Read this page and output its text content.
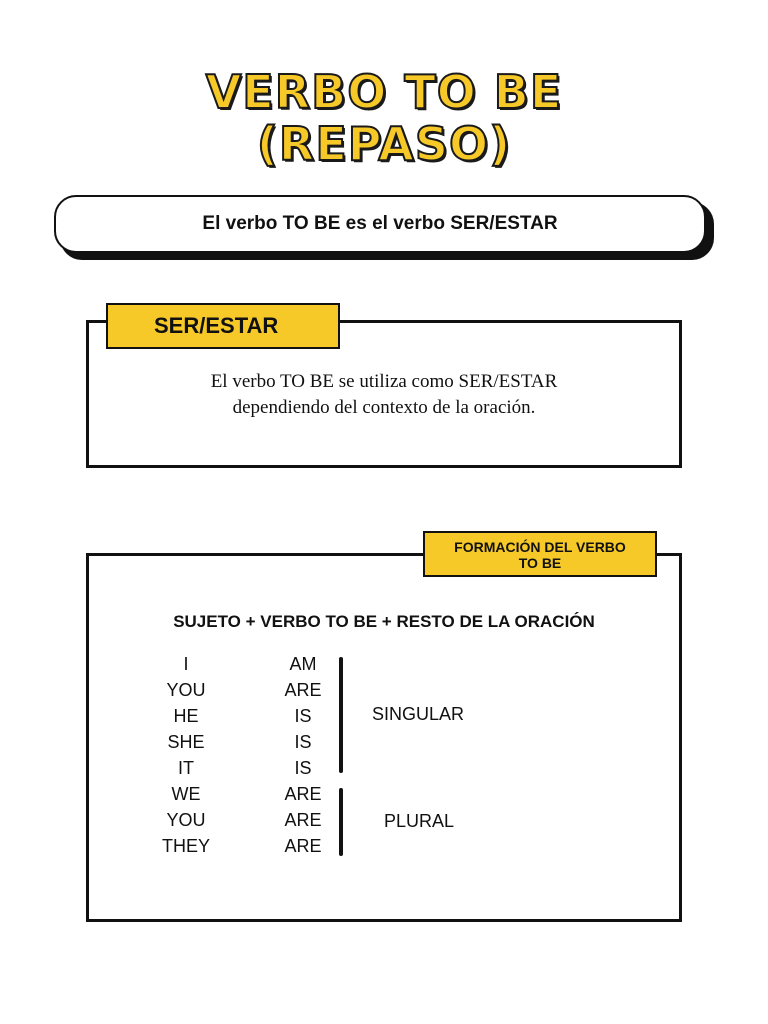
VERBO TO BE
(REPASO)
El verbo TO BE es el verbo SER/ESTAR
SER/ESTAR
El verbo TO BE se utiliza como SER/ESTAR
dependiendo del contexto de la oración.
FORMACIÓN DEL VERBO
TO BE
SUJETO + VERBO TO BE + RESTO DE LA ORACIÓN
I
YOU
HE
SHE
IT
WE
YOU
THEY
AM
ARE
IS
IS
IS
ARE
ARE
ARE
SINGULAR
PLURAL
